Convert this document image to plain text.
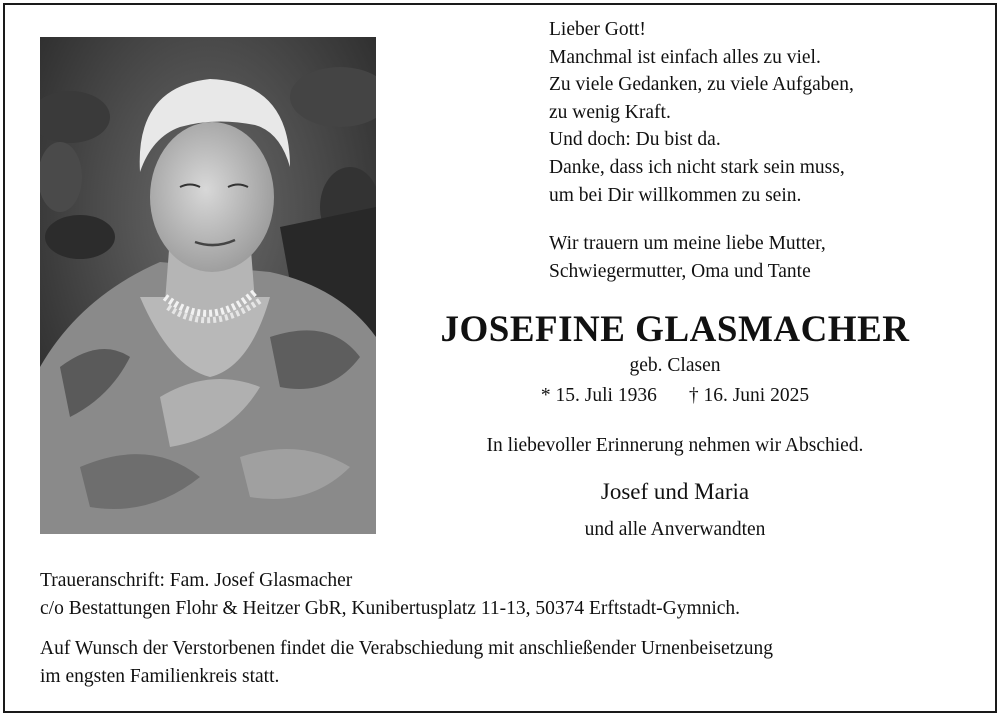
Lieber Gott!
Manchmal ist einfach alles zu viel.
Zu viele Gedanken, zu viele Aufgaben,
zu wenig Kraft.
Und doch: Du bist da.
Danke, dass ich nicht stark sein muss,
um bei Dir willkommen zu sein.
Wir trauern um meine liebe Mutter,
Schwiegermutter, Oma und Tante
JOSEFINE GLASMACHER
geb. Clasen
* 15. Juli 1936 † 16. Juni 2025
In liebevoller Erinnerung nehmen wir Abschied.
Josef und Maria
und alle Anverwandten
Traueranschrift: Fam. Josef Glasmacher
c/o Bestattungen Flohr & Heitzer GbR, Kunibertusplatz 11-13, 50374 Erftstadt-Gymnich.
Auf Wunsch der Verstorbenen findet die Verabschiedung mit anschließender Urnenbeisetzung
im engsten Familienkreis statt.
